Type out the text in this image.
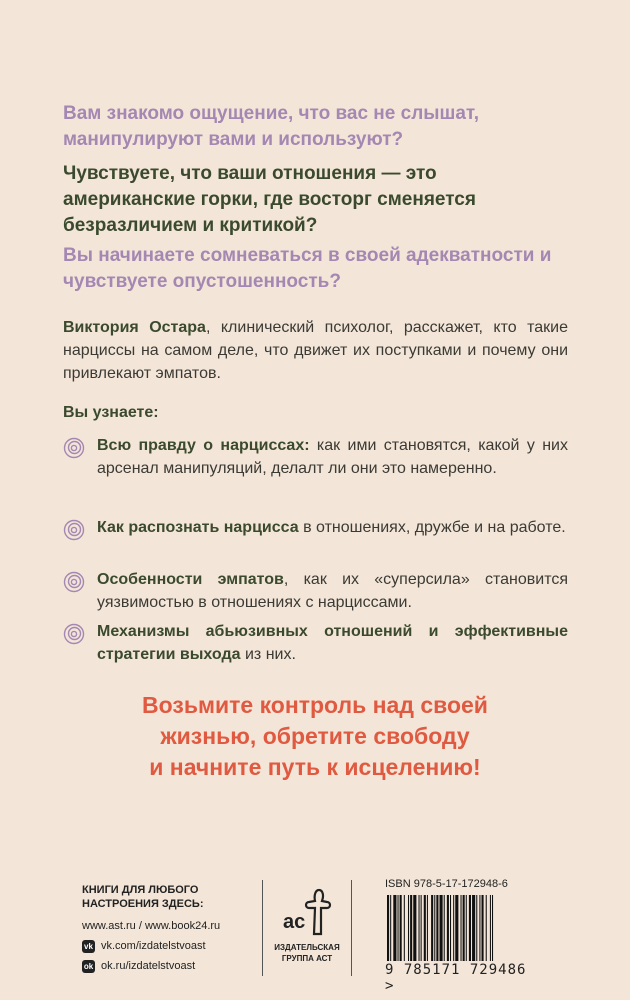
Вам знакомо ощущение, что вас не слышат, манипулируют вами и используют?

Чувствуете, что ваши отношения — это американские горки, где восторг сменяется безразличием и критикой?

Вы начинаете сомневаться в своей адекватности и чувствуете опустошенность?

Виктория Остара, клинический психолог, расскажет, кто такие нарциссы на самом деле, что движет их поступками и почему они привлекают эмпатов.

Вы узнаете:

Всю правду о нарциссах: как ими становятся, какой у них арсенал манипуляций, делалт ли они это намеренно.

Как распознать нарцисса в отношениях, дружбе и на работе.

Особенности эмпатов, как их «суперсила» становится уязвимостью в отношениях с нарциссами.

Механизмы абьюзивных отношений и эффективные стратегии выхода из них.

Возьмите контроль над своей
жизнью, обретите свободу
и начните путь к исцелению!

КНИГИ ДЛЯ ЛЮБОГО
НАСТРОЕНИЯ ЗДЕСЬ:

www.ast.ru / www.book24.ru

vk vk.com/izdatelstvoast
ok ok.ru/izdatelstvoast
ас

ИЗДАТЕЛЬСКАЯ

ГРУППА АСТ

ISBN 978-5-17-172948-6

9 785171 729486 >
